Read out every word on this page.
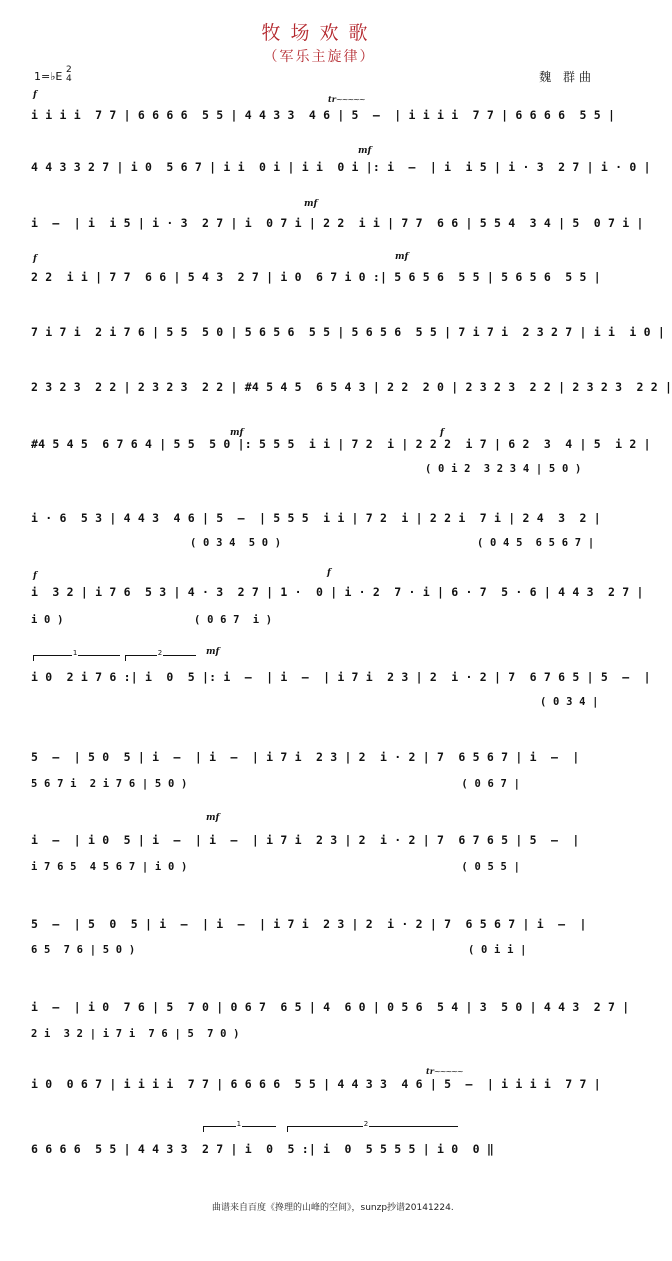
牧场欢歌
（军乐主旋律）
1=♭E 2
4	魏 群曲
f	tr ~~~~~
mf
mf
f	mf
mf	f
f	f
mf
mf
tr ~~~~~
1	2
1	2
i i i i  7 7 | 6 6 6 6  5 5 | 4 4 3 3  4 6 | 5  –  | i i i i  7 7 | 6 6 6 6  5 5 |
4 4 3 3 2 7 | i 0  5 6 7 | i i  0 i | i i  0 i |: i  –  | i  i 5 | i · 3  2 7 | i · 0 |
i  –  | i  i 5 | i · 3  2 7 | i  0 7 i | 2 2  i i | 7 7  6 6 | 5 5 4  3 4 | 5  0 7 i |
2 2  i i | 7 7  6 6 | 5 4 3  2 7 | i 0  6 7 i 0 :| 5 6 5 6  5 5 | 5 6 5 6  5 5 |
7 i 7 i  2 i 7 6 | 5 5  5 0 | 5 6 5 6  5 5 | 5 6 5 6  5 5 | 7 i 7 i  2 3 2 7 | i i  i 0 |
2 3 2 3  2 2 | 2 3 2 3  2 2 | #4 5 4 5  6 5 4 3 | 2 2  2 0 | 2 3 2 3  2 2 | 2 3 2 3  2 2 |
#4 5 4 5  6 7 6 4 | 5 5  5 0 |: 5 5 5  i i | 7 2  i | 2 2 2  i 7 | 6 2  3  4 | 5  i 2 |
i · 6  5 3 | 4 4 3  4 6 | 5  –  | 5 5 5  i i | 7 2  i | 2 2 i  7 i | 2 4  3  2 |
i  3 2 | i 7 6  5 3 | 4 · 3  2 7 | 1 ·  0 | i · 2  7 · i | 6 · 7  5 · 6 | 4 4 3  2 7 |
i 0  2 i 7 6 :| i  0  5 |: i  –  | i  –  | i 7 i  2 3 | 2  i · 2 | 7  6 7 6 5 | 5  –  |
5  –  | 5 0  5 | i  –  | i  –  | i 7 i  2 3 | 2  i · 2 | 7  6 5 6 7 | i  –  |
i  –  | i 0  5 | i  –  | i  –  | i 7 i  2 3 | 2  i · 2 | 7  6 7 6 5 | 5  –  |
5  –  | 5  0  5 | i  –  | i  –  | i 7 i  2 3 | 2  i · 2 | 7  6 5 6 7 | i  –  |
i  –  | i 0  7 6 | 5  7 0 | 0 6 7  6 5 | 4  6 0 | 0 5 6  5 4 | 3  5 0 | 4 4 3  2 7 |
i 0  0 6 7 | i i i i  7 7 | 6 6 6 6  5 5 | 4 4 3 3  4 6 | 5  –  | i i i i  7 7 |
6 6 6 6  5 5 | 4 4 3 3  2 7 | i  0  5 :| i  0  5 5 5 5 | i 0  0 ‖
( 0 i 2  3 2 3 4 | 5 0 )
( 0 3 4  5 0 )                              ( 0 4 5  6 5 6 7 |
i 0 )                    ( 0 6 7  i )
( 0 3 4 |
5 6 7 i  2 i 7 6 | 5 0 )                                          ( 0 6 7 |
i 7 6 5  4 5 6 7 | i 0 )                                          ( 0 5 5 |
6 5  7 6 | 5 0 )                                                   ( 0 i i |
2 i  3 2 | i 7 i  7 6 | 5  7 0 )
曲谱来自百度《搀理的山峰的空间》，sunzp抄谱20141224.
